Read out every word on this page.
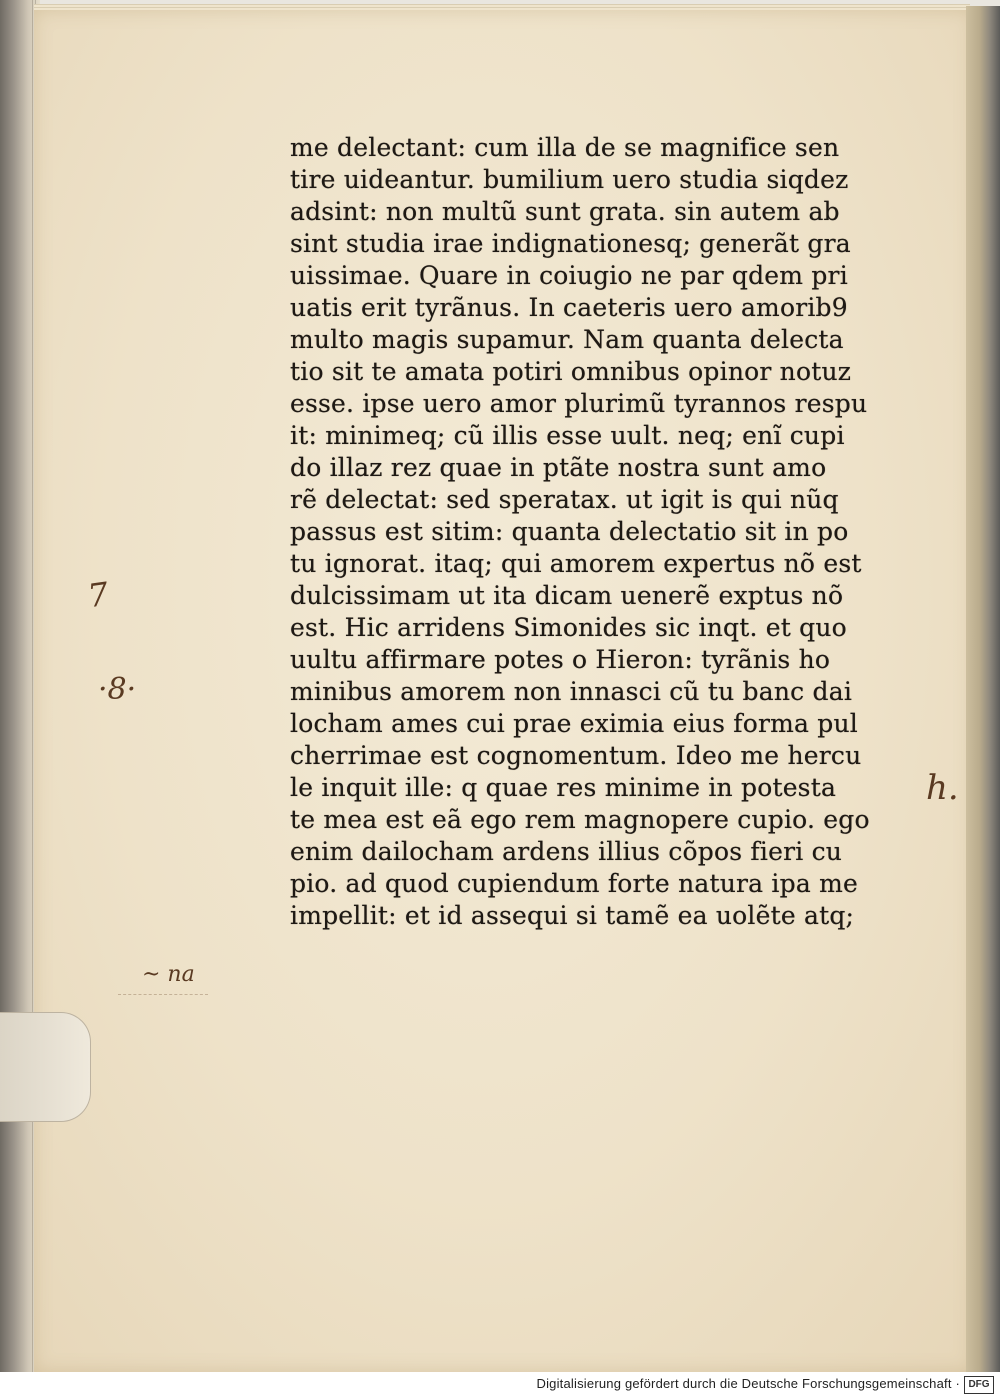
me delectant: cum illa de se magnifice sen
tire uideantur. bumilium uero studia siqdez
adsint: non multũ sunt grata. sin autem ab
sint studia irae indignationesq; generãt gra
uissimae. Quare in coiugio ne par qdem pri
uatis erit tyrãnus. In caeteris uero amorib9
multo magis supamur. Nam quanta delecta
tio sit te amata potiri omnibus opinor notuz
esse. ipse uero amor plurimũ tyrannos respu
it: minimeq; cũ illis esse uult. neq; enĩ cupi
do illaz rez quae in ptãte nostra sunt amo
rẽ delectat: sed speratax. ut igit is qui nũq
passus est sitim: quanta delectatio sit in po
tu ignorat. itaq; qui amorem expertus nõ est
dulcissimam ut ita dicam uenerẽ exptus nõ
est. Hic arridens Simonides sic inqt. et quo
uultu affirmare potes o Hieron: tyrãnis ho
minibus amorem non innasci cũ tu banc dai
locham ames cui prae eximia eius forma pul
cherrimae est cognomentum. Ideo me hercu
le inquit ille: q quae res minime in potesta
te mea est eã ego rem magnopere cupio. ego
enim dailocham ardens illius cõpos fieri cu
pio. ad quod cupiendum forte natura ipa me
impellit: et id assequi si tamẽ ea uolẽte atq;
7
·8·
h.
~ na
Digitalisierung gefördert durch die Deutsche Forschungsgemeinschaft · DFG
